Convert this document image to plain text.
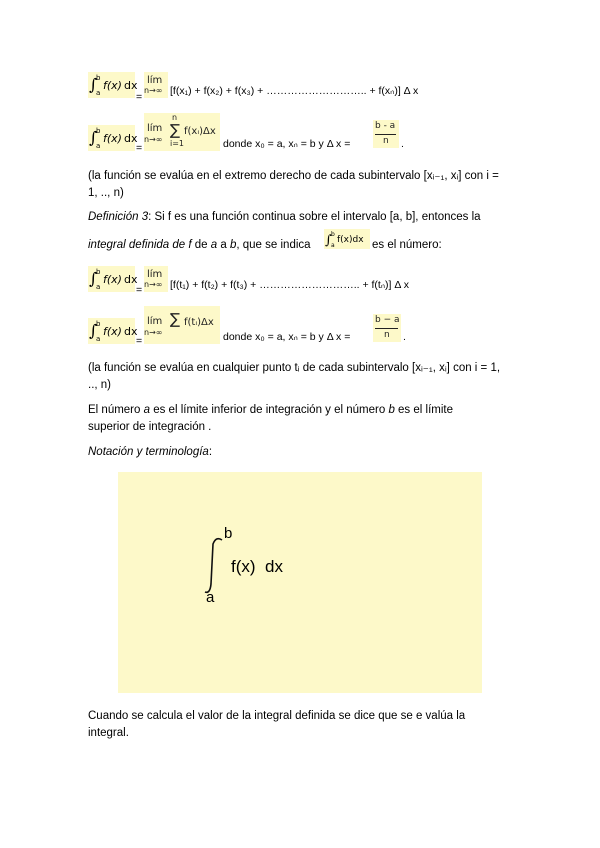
∫
b
a
f(x) dx
=
lím
n→∞ [f(x₁) + f(x₂) + f(x₃) + ……………………….. + f(xₙ)] Δ x
∫
b
a
f(x) dx
=
lím
n→∞
n
∑
i=1
f(xᵢ)Δx
donde x₀ = a, xₙ = b y Δ x =
b - a
n .
(la función se evalúa en el extremo derecho de cada subintervalo [xᵢ₋₁, xᵢ] con i = 1, .., n)
Definición 3: Si f es una función continua sobre el intervalo [a, b], entonces la
integral definida de f de a a b, que se indica ∫ b
a
f(x)dx es el número:
∫
b
a
f(x) dx
=
lím
n→∞ [f(t₁) + f(t₂) + f(t₃) + ……………………….. + f(tₙ)] Δ x
∫
b
a
f(x) dx
=
lím
n→∞
∑ f(tᵢ)Δx
donde x₀ = a, xₙ = b y Δ x =
b − a
n .
(la función se evalúa en cualquier punto tᵢ de cada subintervalo [xᵢ₋₁, xᵢ] con i = 1, .., n)
El número a es el límite inferior de integración y el número b es el límite superior de integración .
Notación y terminología:
b
a
f(x)  dx
Cuando se calcula el valor de la integral definida se dice que se e valúa la integral.
